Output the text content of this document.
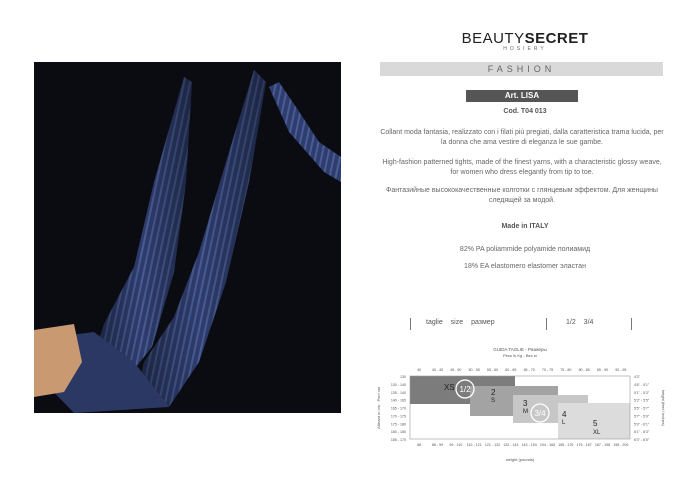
BEAUTYSECRET
HOSIERY
FASHION
Art. LISA
Cod. T04 013
Collant moda fantasia, realizzato con i filati più pregiati, dalla caratteristica trama lucida, per la donna che ama vestire di eleganza le sue gambe.
High-fashion patterned tights, made of the finest yarns, with a characteristic glossy weave, for women who dress elegantly from tip to toe.
Фантазийные высококачественные колготки с глянцевым эффектом. Для женщины следящей за модой.
Made in ITALY
82% PA poliammide polyamide полиамид
18% EA elastomero elastomer эластан
taglie size размер	1/2 3/4
GUIDA TAGLIE - Размеры
Peso in Kg - Вес кг
40	40 - 45 45 - 50 50 - 55 55 - 60 60 - 65 65 - 70 70 - 75 75 - 80 80 - 85 85 - 90 90 - 95
130
130 - 140
135 - 140
140 - 165
165 - 170
170 - 175
175 - 180
180 - 185
185 - 170
4'3"
4'6" - 5'1"
5'1" - 5'3"
5'3" - 5'5"
5'5" - 5'7"
5'7" - 5'9"
5'9" - 6'1"
6'1" - 6'3"
6'3" - 6'5"
88	88 - 99 99 - 110 110 - 121 121 - 132 132 - 143 143 - 154 154 - 165 165 - 176 176 - 187 187 - 198 198 - 209
XS 1/2	2
S	3
M 3/4 4
L	5
XL
Altezza in cm · Рост см	height (feet / inches)
weight (pounds)
